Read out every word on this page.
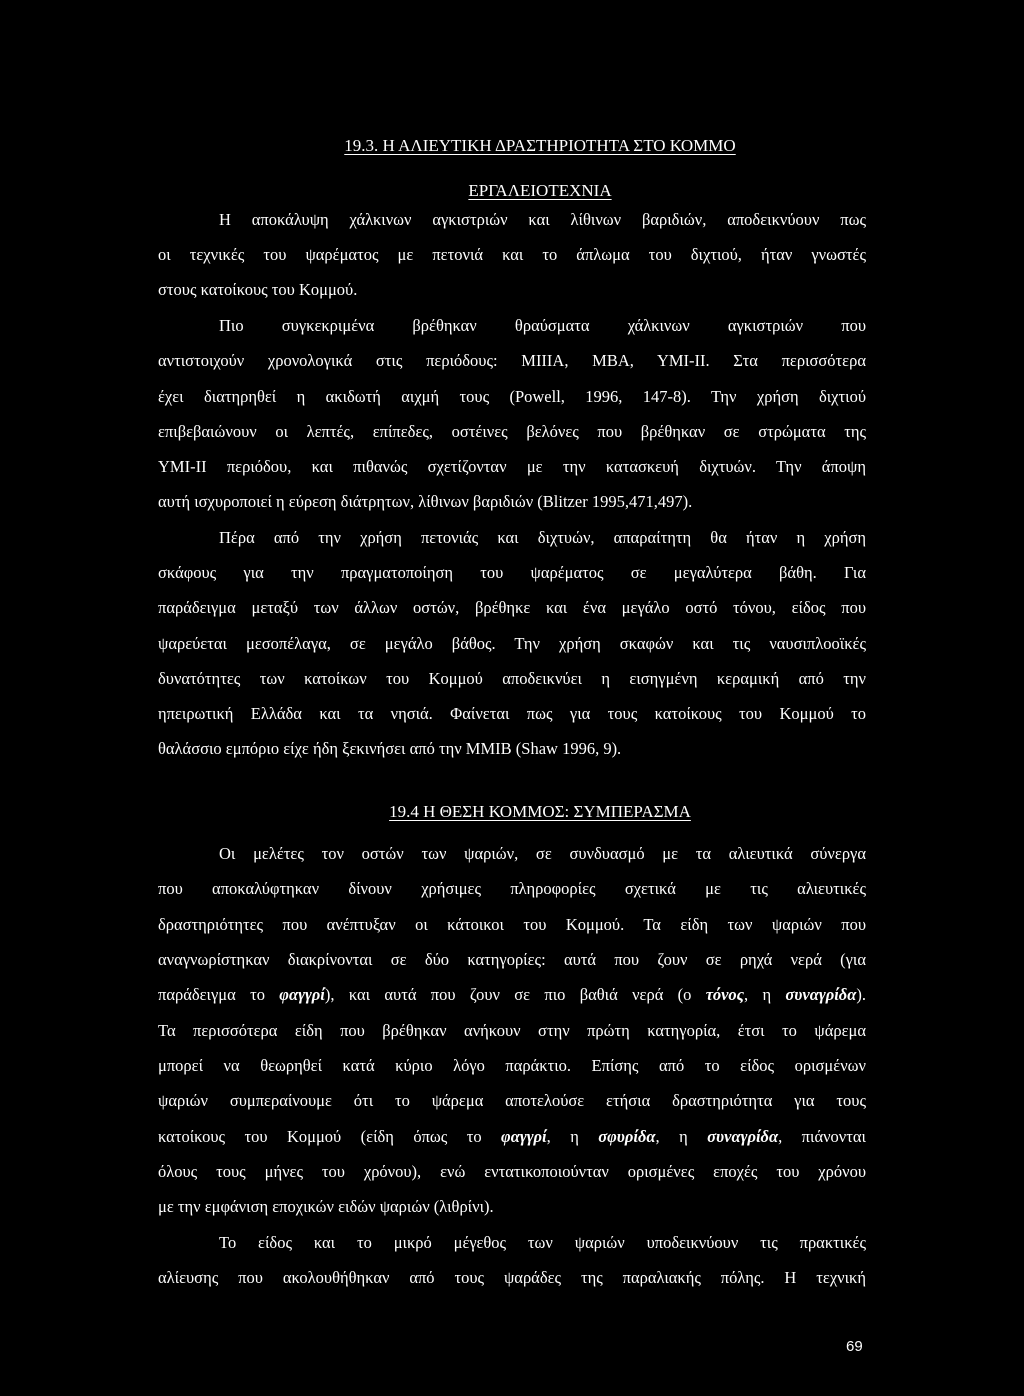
19.3. Η ΑΛΙΕΥΤΙΚΗ ΔΡΑΣΤΗΡΙΟΤΗΤΑ ΣΤΟ ΚΟΜΜΟ
ΕΡΓΑΛΕΙΟΤΕΧΝΙΑ
Η αποκάλυψη χάλκινων αγκιστριών και λίθινων βαριδιών, αποδεικνύουν πως
οι τεχνικές του ψαρέματος με πετονιά και το άπλωμα του διχτιού, ήταν γνωστές
στους κατοίκους του Κομμού.
Πιο συγκεκριμένα βρέθηκαν θραύσματα χάλκινων αγκιστριών που
αντιστοιχούν χρονολογικά στις περιόδους: ΜΙΙΙΑ, ΜΒΑ, ΥΜΙ-ΙΙ. Στα περισσότερα
έχει διατηρηθεί η ακιδωτή αιχμή τους (Powell, 1996, 147-8). Την χρήση διχτιού
επιβεβαιώνουν οι λεπτές, επίπεδες, οστέινες βελόνες που βρέθηκαν σε στρώματα της
ΥΜΙ-ΙΙ περιόδου, και πιθανώς σχετίζονταν με την κατασκευή διχτυών. Την άποψη
αυτή ισχυροποιεί η εύρεση διάτρητων, λίθινων βαριδιών (Blitzer 1995,471,497).
Πέρα από την χρήση πετονιάς και διχτυών, απαραίτητη θα ήταν η χρήση
σκάφους για την πραγματοποίηση του ψαρέματος σε μεγαλύτερα βάθη. Για
παράδειγμα μεταξύ των άλλων οστών, βρέθηκε και ένα μεγάλο οστό τόνου, είδος που
ψαρεύεται μεσοπέλαγα, σε μεγάλο βάθος. Την χρήση σκαφών και τις ναυσιπλοοϊκές
δυνατότητες των κατοίκων του Κομμού αποδεικνύει η εισηγμένη κεραμική από την
ηπειρωτική Ελλάδα και τα νησιά. Φαίνεται πως για τους κατοίκους του Κομμού το
θαλάσσιο εμπόριο είχε ήδη ξεκινήσει από την ΜΜΙΒ (Shaw 1996, 9).
19.4 Η ΘΕΣΗ ΚΟΜΜΟΣ: ΣΥΜΠΕΡΑΣΜΑ
Οι μελέτες τον οστών των ψαριών, σε συνδυασμό με τα αλιευτικά σύνεργα
που αποκαλύφτηκαν δίνουν χρήσιμες πληροφορίες σχετικά με τις αλιευτικές
δραστηριότητες που ανέπτυξαν οι κάτοικοι του Κομμού. Τα είδη των ψαριών που
αναγνωρίστηκαν διακρίνονται σε δύο κατηγορίες: αυτά που ζουν σε ρηχά νερά (για
παράδειγμα το φαγγρί), και αυτά που ζουν σε πιο βαθιά νερά (ο τόνος, η συναγρίδα).
Τα περισσότερα είδη που βρέθηκαν ανήκουν στην πρώτη κατηγορία, έτσι το ψάρεμα
μπορεί να θεωρηθεί κατά κύριο λόγο παράκτιο. Επίσης από το είδος ορισμένων
ψαριών συμπεραίνουμε ότι το ψάρεμα αποτελούσε ετήσια δραστηριότητα για τους
κατοίκους του Κομμού (είδη όπως το φαγγρί, η σφυρίδα, η συναγρίδα, πιάνονται
όλους τους μήνες του χρόνου), ενώ εντατικοποιούνταν ορισμένες εποχές του χρόνου
με την εμφάνιση εποχικών ειδών ψαριών (λιθρίνι).
Το είδος και το μικρό μέγεθος των ψαριών υποδεικνύουν τις πρακτικές
αλίευσης που ακολουθήθηκαν από τους ψαράδες της παραλιακής πόλης. Η τεχνική
69
